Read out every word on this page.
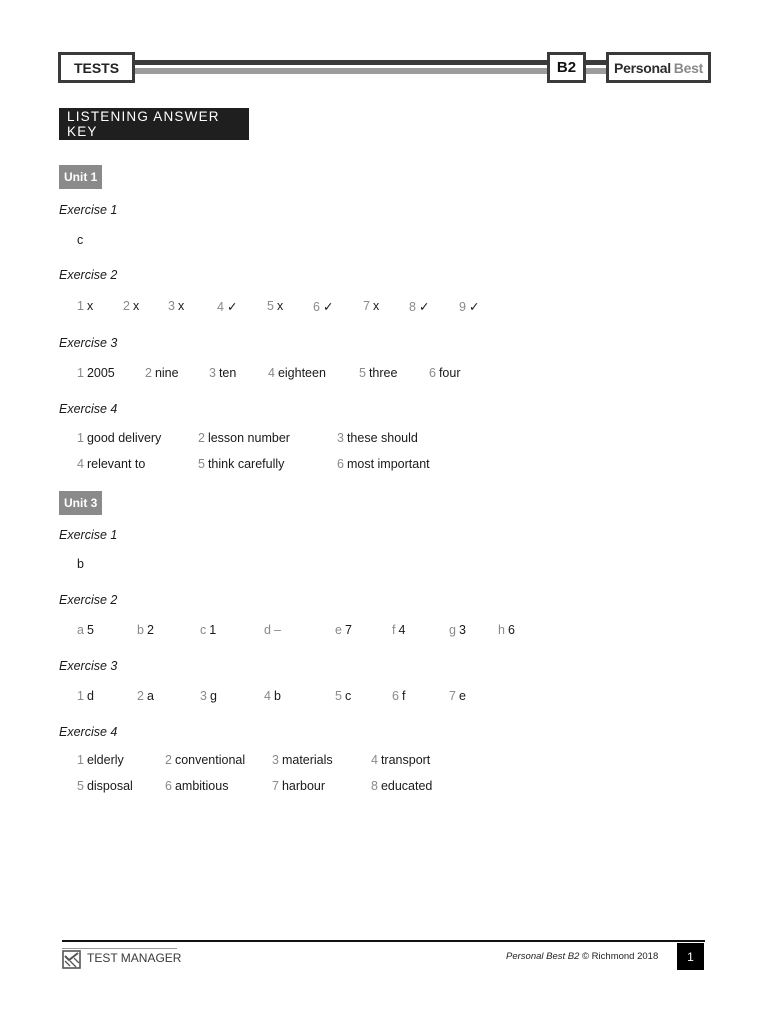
TESTS	B2	Personal Best
LISTENING ANSWER KEY
Unit 1
Exercise 1
c
Exercise 2
1 x 2 x 3 x	4 ✓ 5 x 6 ✓ 7 x 8 ✓ 9 ✓
Exercise 3
1 2005 2 nine 3 ten	4 eighteen	5 three	6 four
Exercise 4
1 good delivery	2 lesson number	3 these should
4 relevant to	5 think carefully	6 most important
Unit 3
Exercise 1
b
Exercise 2
a 5	b 2	c 1	d –	e 7	f 4	g 3	h 6
Exercise 3
1 d	2 a	3 g	4 b	5 c	6 f	7 e
Exercise 4
1 elderly	2 conventional 3 materials	4 transport
5 disposal	6 ambitious	7 harbour	8 educated
TEST MANAGER	Personal Best B2 © Richmond 2018	1
